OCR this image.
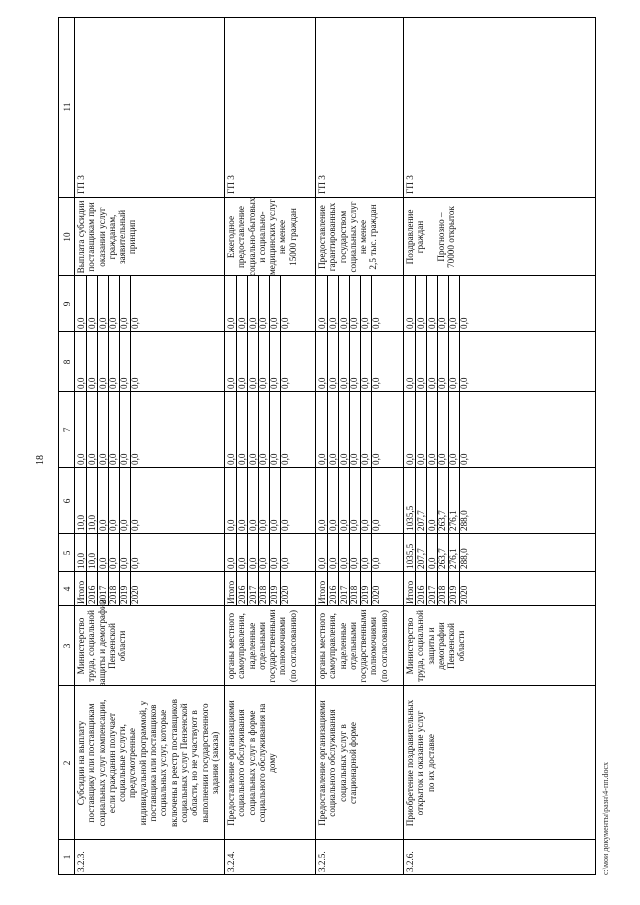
18
1
2
3
4
5
6
7
8
9
10
11
3.2.3.
Субсидии на выплату
поставщику или поставщикам
социальных услуг компенсации,
если гражданин получает
социальные услуги,
предусмотренные
индивидуальной программой, у
поставщика или поставщиков
социальных услуг, которые
включены в реестр поставщиков
социальных услуг Пензенской
области, но не участвуют в
выполнении государственного
задания (заказа)
Министерство
труда, социальной
защиты и демографии
Пензенской
области
Итого
10,0
10,0
0,0
0,0
0,0
2016
10,0
10,0
0,0
0,0
0,0
2017
0,0
0,0
0,0
0,0
0,0
2018
0,0
0,0
0,0
0,0
0,0
2019
0,0
0,0
0,0
0,0
0,0
2020
0,0
0,0
0,0
0,0
0,0
Выплата субсидии
поставщикам при
оказании услуг
гражданам,
заявительный
принцип
ГП 3
3.2.4.
Предоставление организациями
социального обслуживания
социальных услуг в форме
социального обслуживания на
дому
органы местного
самоуправления,
наделенные
отдельными
государственными
полномочиями
(по согласованию)
Итого
0,0
0,0
0,0
0,0
0,0
2016
0,0
0,0
0,0
0,0
0,0
2017
0,0
0,0
0,0
0,0
0,0
2018
0,0
0,0
0,0
0,0
0,0
2019
0,0
0,0
0,0
0,0
0,0
2020
0,0
0,0
0,0
0,0
0,0
Ежегодное
предоставление
социально-бытовых
и социально-
медицинских услуг
не менее
15000 граждан
ГП 3
3.2.5.
Предоставление организациями
социального обслуживания
социальных услуг в
стационарной форме
органы местного
самоуправления,
наделенные
отдельными
государственными
полномочиями
(по согласованию)
Итого
0,0
0,0
0,0
0,0
0,0
2016
0,0
0,0
0,0
0,0
0,0
2017
0,0
0,0
0,0
0,0
0,0
2018
0,0
0,0
0,0
0,0
0,0
2019
0,0
0,0
0,0
0,0
0,0
2020
0,0
0,0
0,0
0,0
0,0
Предоставление
гарантированных
государством
социальных услуг
не менее
2,5 тыс. граждан
ГП 3
3.2.6.
Приобретение поздравительных
открыток и оказание услуг
по их доставке
Министерство
труда, социальной
защиты и
демографии
Пензенской
области
Итого
1035,5
1035,5
0,0
0,0
0,0
2016
207,7
207,7
0,0
0,0
0,0
2017
0,0
0,0
0,0
0,0
0,0
2018
263,7
263,7
0,0
0,0
0,0
2019
276,1
276,1
0,0
0,0
0,0
2020
288,0
288,0
0,0
0,0
0,0
Поздравление
граждан

Прогнозно –
70000 открыток
ГП 3
c:\мои документы\разн\4-пп.docx
